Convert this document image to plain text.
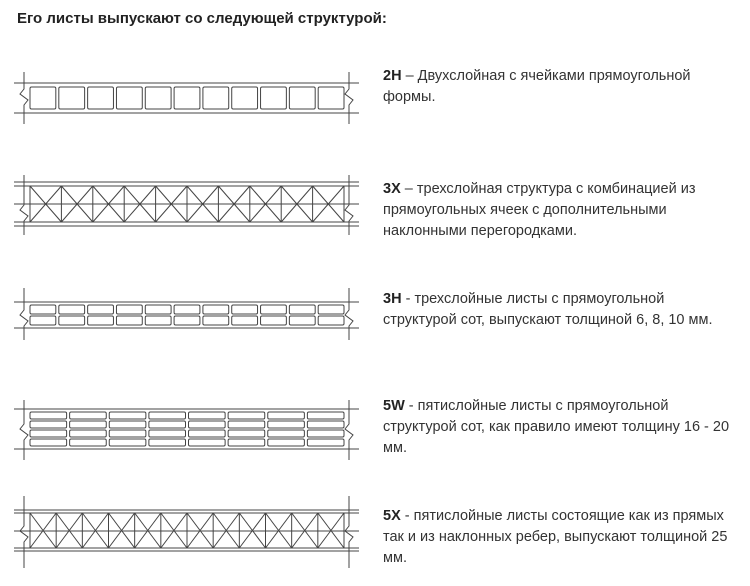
Его листы выпускают со следующей структурой:

2H – Двухслойная с ячейками прямоугольной формы.

3X – трехслойная структура с комбинацией из прямоугольных ячеек с дополнительными наклонными перегородками.

3H - трехслойные листы с прямоугольной структурой сот, выпускают толщиной 6, 8, 10 мм.

5W - пятислойные листы с прямоугольной структурой сот, как правило имеют толщину 16 - 20 мм.

5X - пятислойные листы состоящие как из прямых так и из наклонных ребер, выпускают толщиной 25 мм.
